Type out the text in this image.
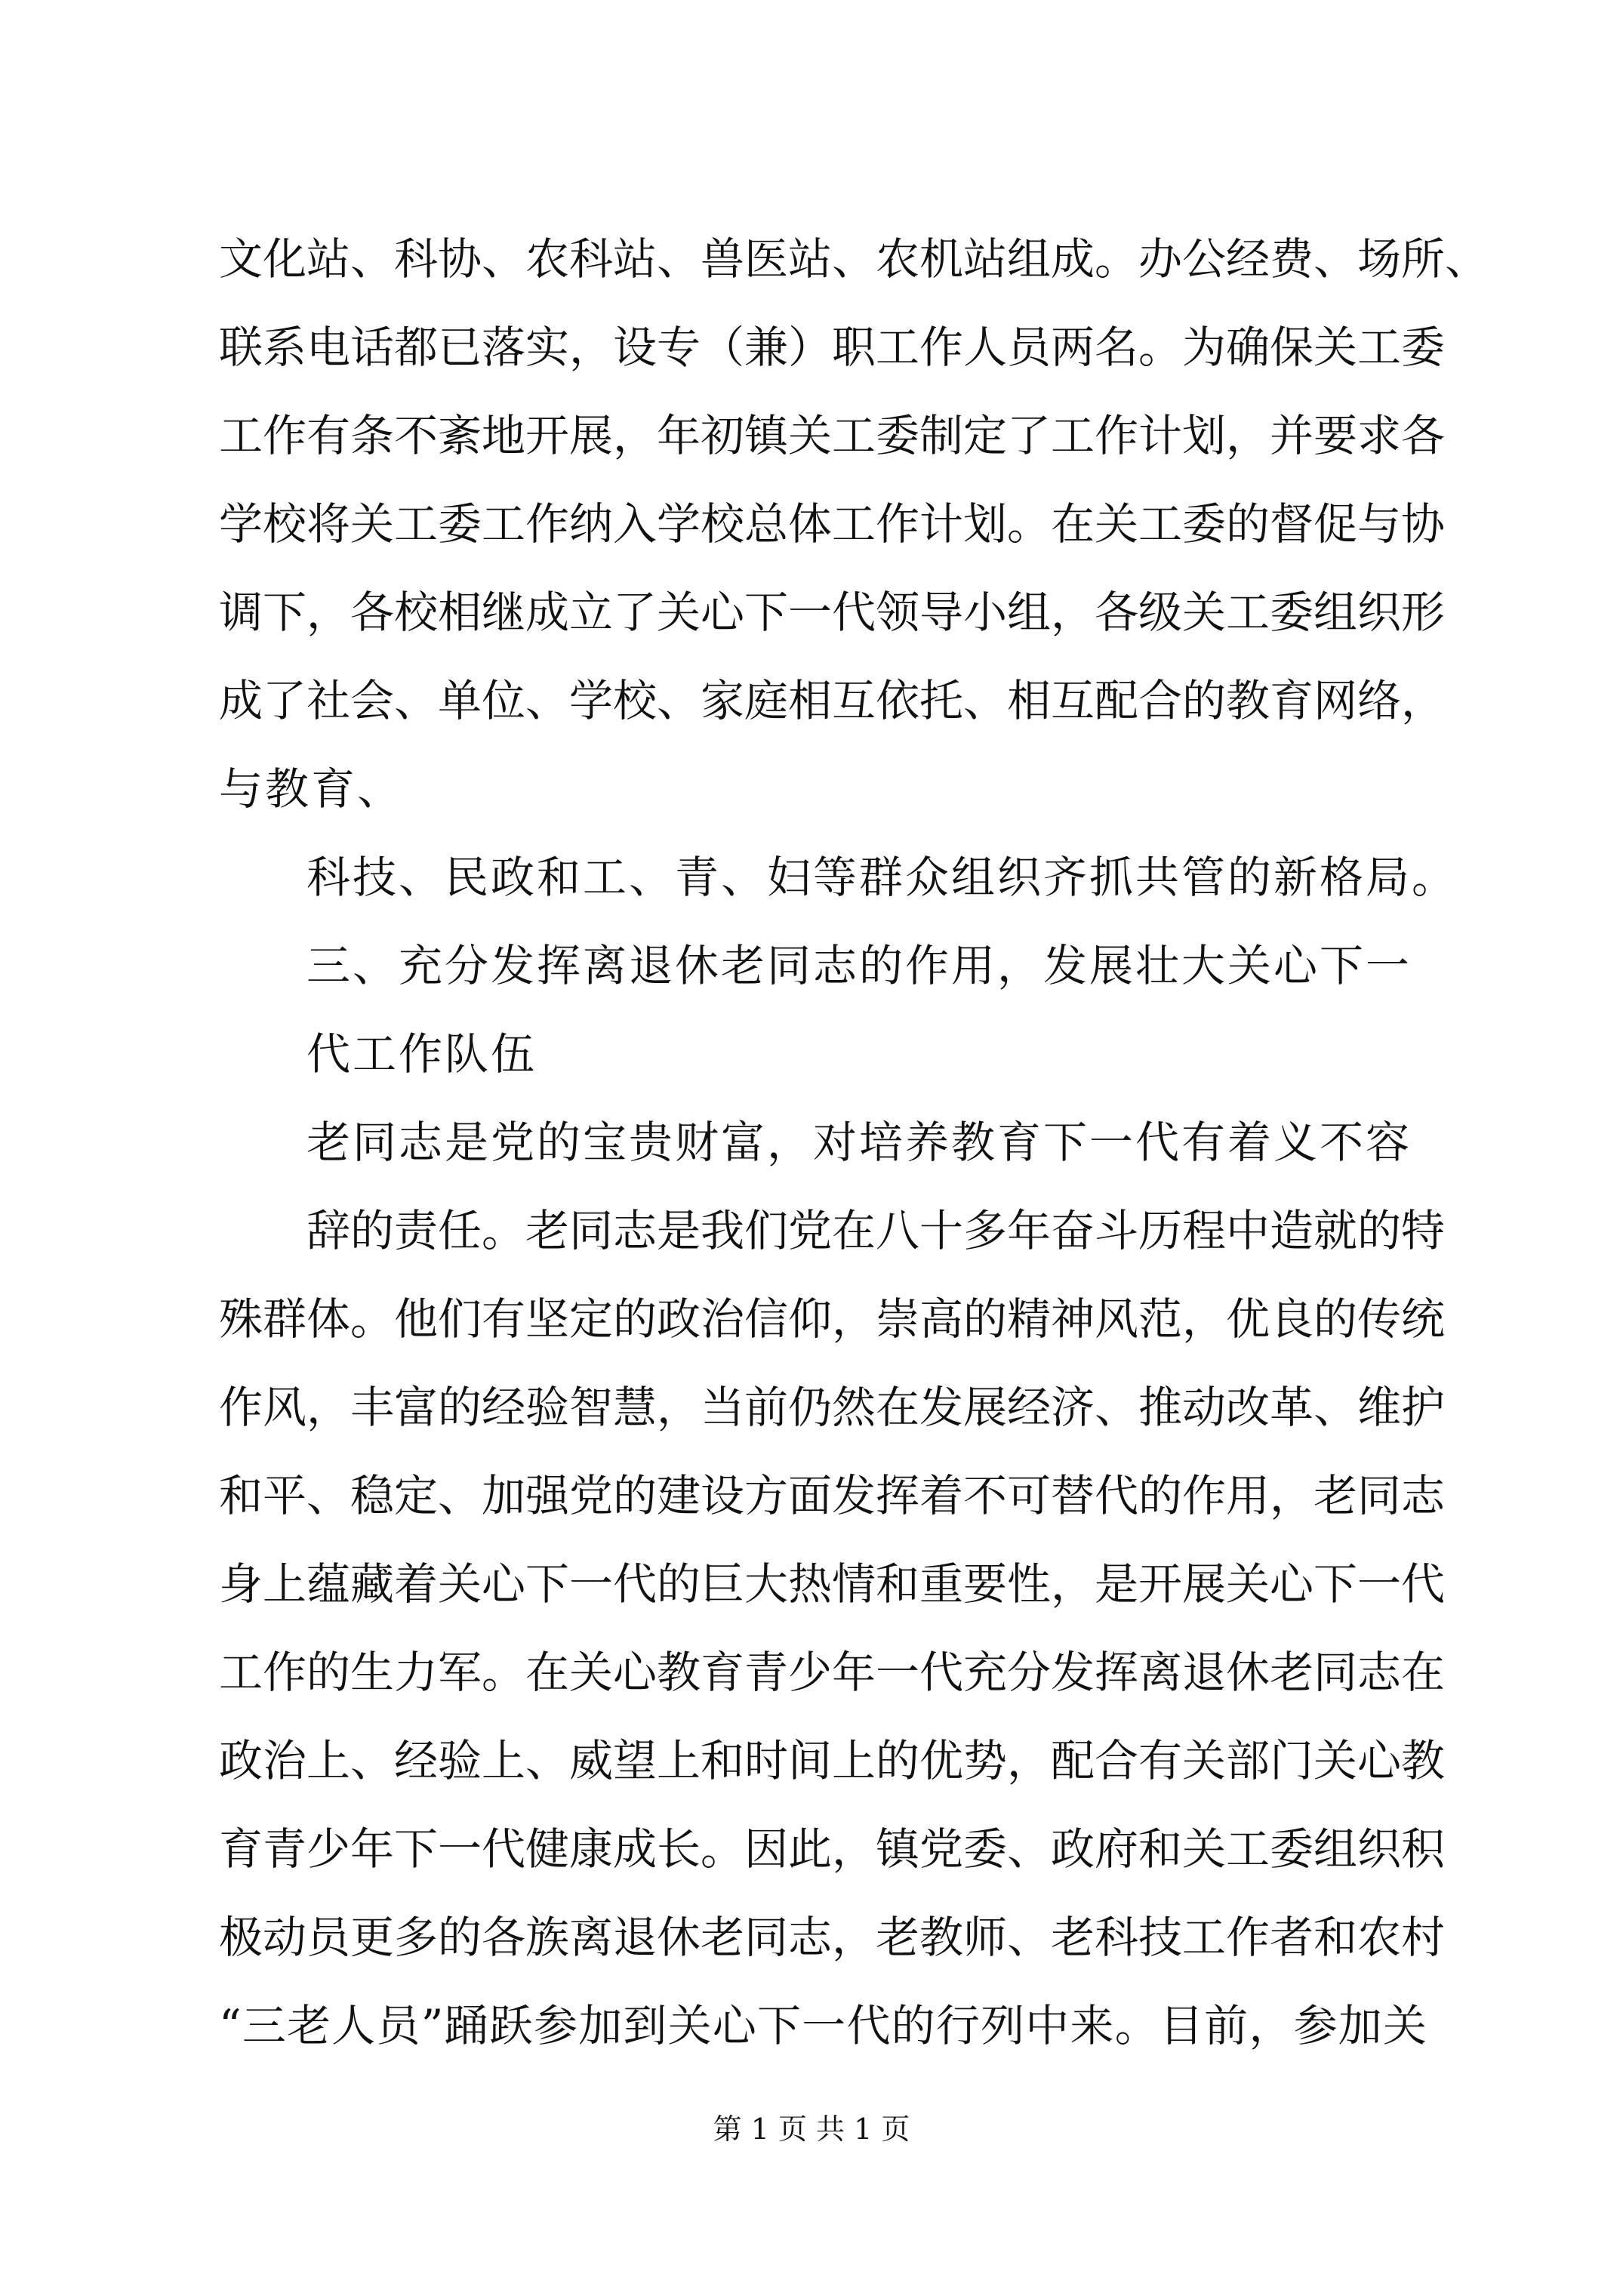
文化站、科协、农科站、兽医站、农机站组成。办公经费、场所、
联系电话都已落实，设专（兼）职工作人员两名。为确保关工委
工作有条不紊地开展，年初镇关工委制定了工作计划，并要求各
学校将关工委工作纳入学校总体工作计划。在关工委的督促与协
调下，各校相继成立了关心下一代领导小组，各级关工委组织形
成了社会、单位、学校、家庭相互依托、相互配合的教育网络，
与教育、
科技、民政和工、青、妇等群众组织齐抓共管的新格局。
三、充分发挥离退休老同志的作用，发展壮大关心下一
代工作队伍
老同志是党的宝贵财富，对培养教育下一代有着义不容
辞的责任。老同志是我们党在八十多年奋斗历程中造就的特
殊群体。他们有坚定的政治信仰，崇高的精神风范，优良的传统
作风，丰富的经验智慧，当前仍然在发展经济、推动改革、维护
和平、稳定、加强党的建设方面发挥着不可替代的作用，老同志
身上蕴藏着关心下一代的巨大热情和重要性，是开展关心下一代
工作的生力军。在关心教育青少年一代充分发挥离退休老同志在
政治上、经验上、威望上和时间上的优势，配合有关部门关心教
育青少年下一代健康成长。因此，镇党委、政府和关工委组织积
极动员更多的各族离退休老同志，老教师、老科技工作者和农村
“三老人员”踊跃参加到关心下一代的行列中来。目前，参加关
第 1 页 共 1 页
